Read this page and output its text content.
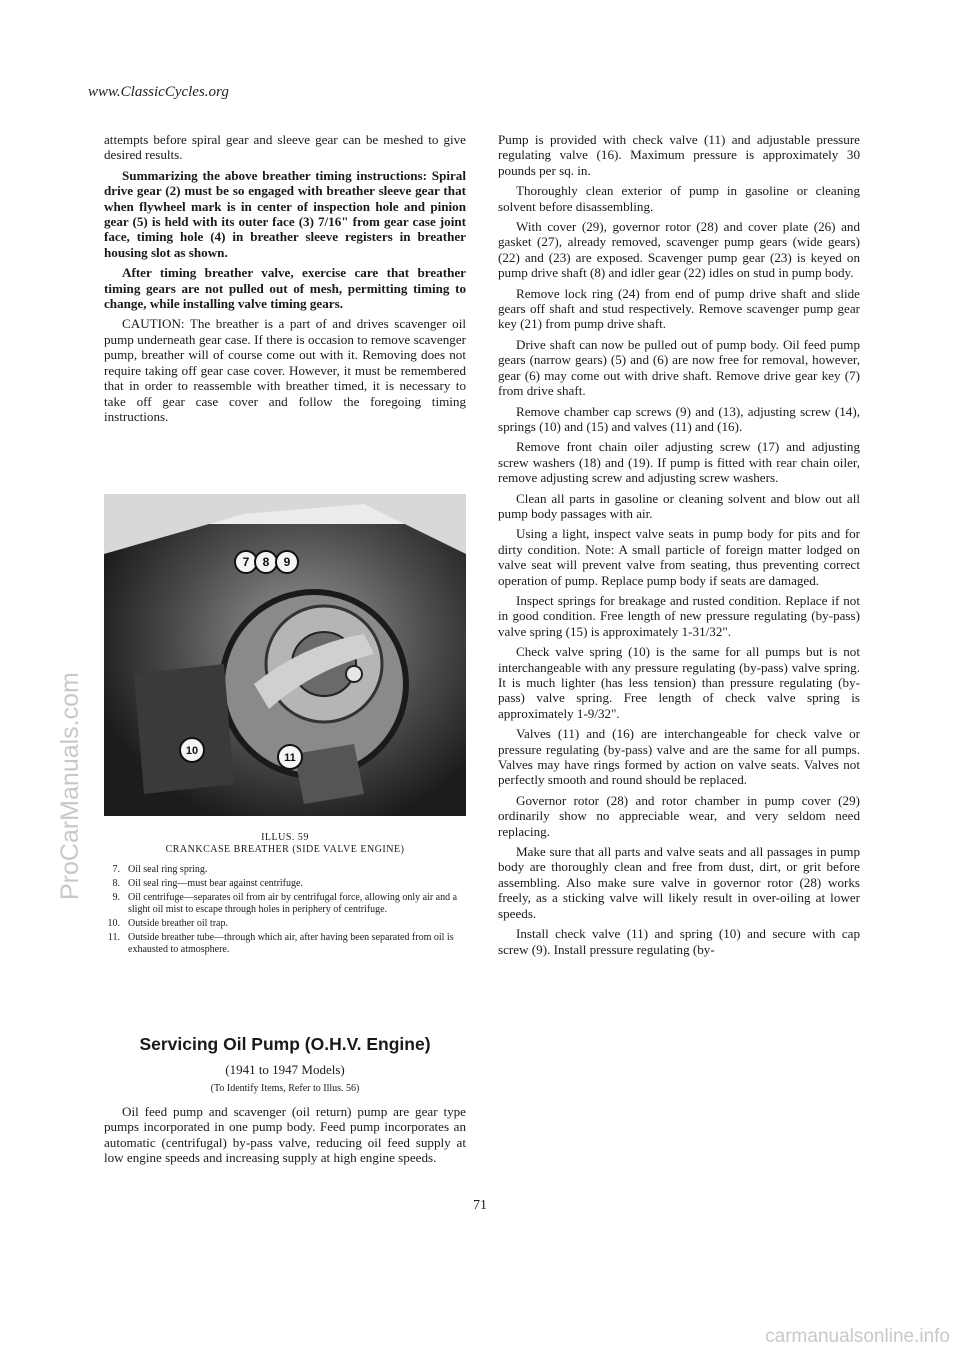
www.ClassicCycles.org

attempts before spiral gear and sleeve gear can be meshed to give desired results.

Summarizing the above breather timing instructions: Spiral drive gear (2) must be so engaged with breather sleeve gear that when flywheel mark is in center of inspection hole and pinion gear (5) is held with its outer face (3) 7/16" from gear case joint face, timing hole (4) in breather sleeve registers in breather housing slot as shown.

After timing breather valve, exercise care that breather timing gears are not pulled out of mesh, permitting timing to change, while installing valve timing gears.

CAUTION: The breather is a part of and drives scavenger oil pump underneath gear case. If there is occasion to remove scavenger pump, breather will of course come out with it. Removing does not require taking off gear case cover. However, it must be remembered that in order to reassemble with breather timed, it is necessary to take off gear case cover and follow the foregoing timing instructions.

7 8 9
10
11
ILLUS. 59
CRANKCASE BREATHER (SIDE VALVE ENGINE)
7. Oil seal ring spring.
8. Oil seal ring—must bear against centrifuge.
9. Oil centrifuge—separates oil from air by centrifugal force, allowing only air and a slight oil mist to escape through holes in periphery of centrifuge.
10. Outside breather oil trap.
11. Outside breather tube—through which air, after having been separated from oil is exhausted to atmosphere.
Servicing Oil Pump (O.H.V. Engine)
(1941 to 1947 Models)
(To Identify Items, Refer to Illus. 56)

Oil feed pump and scavenger (oil return) pump are gear type pumps incorporated in one pump body. Feed pump incorporates an automatic (centrifugal) by-pass valve, reducing oil feed supply at low engine speeds and increasing supply at high engine speeds.

Pump is provided with check valve (11) and adjustable pressure regulating valve (16). Maximum pressure is approximately 30 pounds per sq. in.

Thoroughly clean exterior of pump in gasoline or cleaning solvent before disassembling.

With cover (29), governor rotor (28) and cover plate (26) and gasket (27), already removed, scavenger pump gears (wide gears) (22) and (23) are exposed. Scavenger pump gear (23) is keyed on pump drive shaft (8) and idler gear (22) idles on stud in pump body.

Remove lock ring (24) from end of pump drive shaft and slide gears off shaft and stud respectively. Remove scavenger pump gear key (21) from pump drive shaft.

Drive shaft can now be pulled out of pump body. Oil feed pump gears (narrow gears) (5) and (6) are now free for removal, however, gear (6) may come out with drive shaft. Remove drive gear key (7) from drive shaft.

Remove chamber cap screws (9) and (13), adjusting screw (14), springs (10) and (15) and valves (11) and (16).

Remove front chain oiler adjusting screw (17) and adjusting screw washers (18) and (19). If pump is fitted with rear chain oiler, remove adjusting screw and adjusting screw washers.

Clean all parts in gasoline or cleaning solvent and blow out all pump body passages with air.

Using a light, inspect valve seats in pump body for pits and for dirty condition. Note: A small particle of foreign matter lodged on valve seat will prevent valve from seating, thus preventing correct operation of pump. Replace pump body if seats are damaged.

Inspect springs for breakage and rusted condition. Replace if not in good condition. Free length of new pressure regulating (by-pass) valve spring (15) is approximately 1-31/32".

Check valve spring (10) is the same for all pumps but is not interchangeable with any pressure regulating (by-pass) valve spring. It is much lighter (has less tension) than pressure regulating (by-pass) valve spring. Free length of check valve spring is approximately 1-9/32".

Valves (11) and (16) are interchangeable for check valve or pressure regulating (by-pass) valve and are the same for all pumps. Valves may have rings formed by action on valve seats. Valves not perfectly smooth and round should be replaced.

Governor rotor (28) and rotor chamber in pump cover (29) ordinarily show no appreciable wear, and very seldom need replacing.

Make sure that all parts and valve seats and all passages in pump body are thoroughly clean and free from dust, dirt, or grit before assembling. Also make sure valve in governor rotor (28) works freely, as a sticking valve will likely result in over-oiling at lower speeds.

Install check valve (11) and spring (10) and secure with cap screw (9). Install pressure regulating (by-

71
ProCarManuals.com
carmanualsonline.info
